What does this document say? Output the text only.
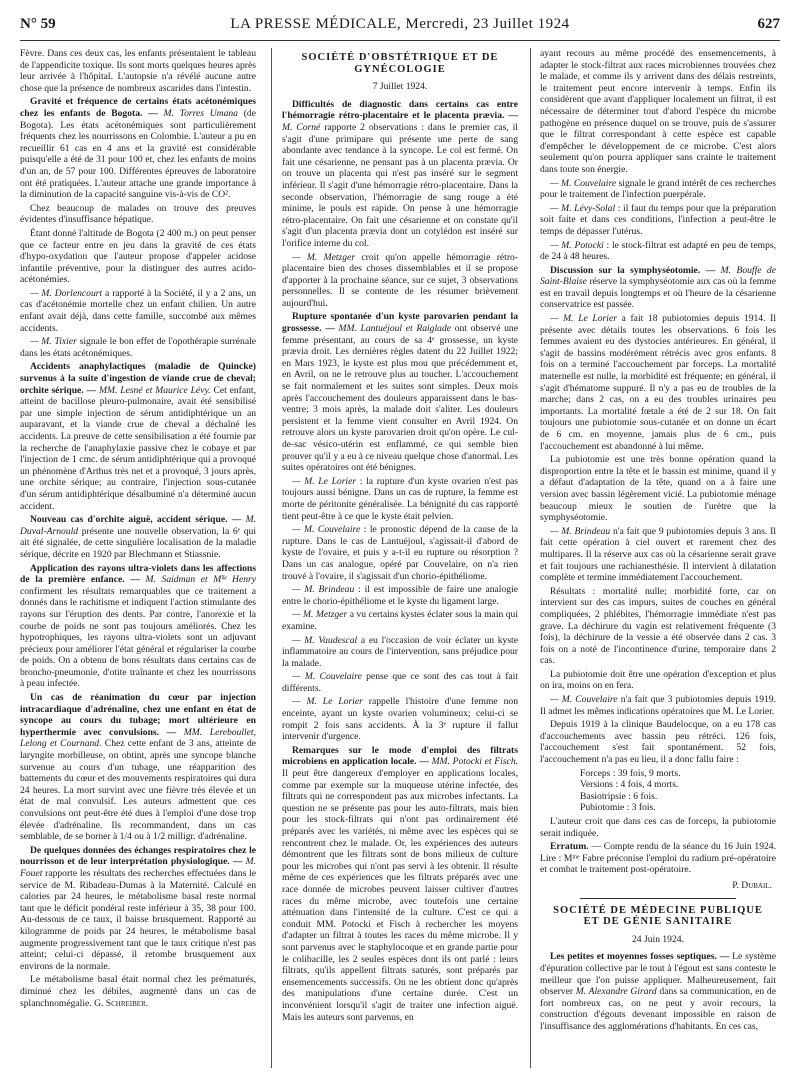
N° 59	LA PRESSE MÉDICALE, Mercredi, 23 Juillet 1924	627

Fèvre. Dans ces deux cas, les enfants présentaient le tableau de l'appendicite toxique. Ils sont morts quelques heures après leur arrivée à l'hôpital. L'autopsie n'a révélé aucune autre chose que la présence de nombreux ascarides dans l'intestin.

Gravité et fréquence de certains états acétonémiques chez les enfants de Bogota. — M. Torres Umana (de Bogota). Les états acétonémiques sont particulièrement fréquents chez les nourrissons en Colombie. L'auteur a pu en recueillir 61 cas en 4 ans et la gravité est considérable puisqu'elle a été de 31 pour 100 et, chez les enfants de moins d'un an, de 57 pour 100. Différentes épreuves de laboratoire ont été pratiquées. L'auteur attache une grande importance à la diminution de la capacité sanguine vis-à-vis de CO².

Chez beaucoup de malades on trouve des preuves évidentes d'insuffisance hépatique.

Étant donné l'altitude de Bogota (2 400 m.) on peut penser que ce facteur entre en jeu dans la gravité de ces états d'hypo-oxydation que l'auteur propose d'appeler acidose infantile préventive, pour la distinguer des autres acido-acétonémies.

— M. Dorlencourt a rapporté à la Société, il y a 2 ans, un cas d'acétonémie mortelle chez un enfant chilien. Un autre enfant avait déjà, dans cette famille, succombé aux mêmes accidents.

— M. Tixier signale le bon effet de l'opothérapie surrénale dans les états acétonémiques.

Accidents anaphylactiques (maladie de Quincke) survenus à la suite d'ingestion de viande crue de cheval; orchite sérique. — MM. Lesné et Maurice Lévy. Cet enfant, atteint de bacillose pleuro-pulmonaire, avait été sensibilisé par une simple injection de sérum antidiphtérique un an auparavant, et la viande crue de cheval a déchaîné les accidents. La preuve de cette sensibilisation a été fournie par la recherche de l'anaphylaxie passive chez le cobaye et par l'injection de 1 cmc. de sérum antidiphtérique qui a provoqué un phénomène d'Arthus très net et a provoqué, 3 jours après, une orchite sérique; au contraire, l'injection sous-cutanée d'un sérum antidiphtérique désalbuminé n'a déterminé aucun accident.

Nouveau cas d'orchite aiguë, accident sérique. — M. Duval-Arnould présente une nouvelle observation, la 6ᵉ qui ait été signalée, de cette singulière localisation de la maladie sérique, décrite en 1920 par Blechmann et Stiassnie.

Application des rayons ultra-violets dans les affections de la première enfance. — M. Saidman et Mˡˡᵉ Henry confirment les résultats remarquables que ce traitement a donnés dans le rachitisme et indiquent l'action stimulante des rayons sur l'éruption des dents. Par contre, l'anorexie et la courbe de poids ne sont pas toujours améliorés. Chez les hypotrophiques, les rayons ultra-violets sont un adjuvant précieux pour améliorer l'état général et régulariser la courbe de poids. On a obtenu de bons résultats dans certains cas de broncho-pneumonie, d'otite traînante et chez les nourrissons à peau infectée.

Un cas de réanimation du cœur par injection intracardiaque d'adrénaline, chez une enfant en état de syncope au cours du tubage; mort ultérieure en hyperthermie avec convulsions. — MM. Lereboullet, Lelong et Cournand. Chez cette enfant de 3 ans, atteinte de laryngite morbilleuse, on obtint, après une syncope blanche survenue au cours d'un tubage, une réapparition des battements du cœur et des mouvements respiratoires qui dura 24 heures. La mort survint avec une fièvre très élevée et un état de mal convulsif. Les auteurs admettent que ces convulsions ont peut-être été dues à l'emploi d'une dose trop élevée d'adrénaline. Ils recommandent, dans un cas semblable, de se borner à 1/4 ou à 1/2 milligr. d'adrénaline.

De quelques données des échanges respiratoires chez le nourrisson et de leur interprétation physiologique. — M. Fouet rapporte les résultats des recherches effectuées dans le service de M. Ribadeau-Dumas à la Maternité. Calculé en calories par 24 heures, le métabolisme basal reste normal tant que le déficit pondéral reste inférieur à 35, 38 pour 100. Au-dessous de ce taux, il baisse brusquement. Rapporté au kilogramme de poids par 24 heures, le métabolisme basal augmente progressivement tant que le taux critique n'est pas atteint; celui-ci dépassé, il retombe brusquement aux environs de la normale.

Le métabolisme basal était normal chez les prématurés, diminué chez les débiles, augmenté dans un cas de splanchnomégalie. G. Schreiber.

SOCIÉTÉ D'OBSTÉTRIQUE ET DE GYNÉCOLOGIE
7 Juillet 1924.

Difficultés de diagnostic dans certains cas entre l'hémorragie rétro-placentaire et le placenta prævia. — M. Corné rapporte 2 observations : dans le premier cas, il s'agit d'une primipare qui présente une perte de sang abondante avec tendance à la syncope. Le col est fermé. On fait une césarienne, ne pensant pas à un placenta prævia. Or on trouve un placenta qui n'est pas inséré sur le segment inférieur. Il s'agit d'une hémorragie rétro-placentaire. Dans la seconde observation, l'hémorragie de sang rouge a été minime, le pouls est rapide. On pense à une hémorragie rétro-placentaire. On fait une césarienne et on constate qu'il s'agit d'un placenta prævia dont un cotylédon est inséré sur l'orifice interne du col.

— M. Metzger croit qu'on appelle hémorragie rétro-placentaire bien des choses dissemblables et il se propose d'apporter à la prochaine séance, sur ce sujet, 3 observations personnelles. Il se contente de les résumer brièvement aujourd'hui.

Rupture spontanée d'un kyste parovarien pendant la grossesse. — MM. Lantuéjoul et Raiglade ont observé une femme présentant, au cours de sa 4ᵉ grossesse, un kyste prævia droit. Les dernières règles datent du 22 Juillet 1922; en Mars 1923, le kyste est plus mou que précédemment et, en Avril, on ne le retrouve plus au toucher. L'accouchement se fait normalement et les suites sont simples. Deux mois après l'accouchement des douleurs apparaissent dans le bas-ventre; 3 mois après, la malade doit s'aliter. Les douleurs persistent et la femme vient consulter en Avril 1924. On retrouve alors un kyste parovarien droit qu'on opère. Le cul-de-sac vésico-utérin est enflammé, ce qui semble bien prouver qu'il y a eu à ce niveau quelque chose d'anormal. Les suites opératoires ont été bénignes.

— M. Le Lorier : la rupture d'un kyste ovarien n'est pas toujours aussi bénigne. Dans un cas de rupture, la femme est morte de péritonite généralisée. La bénignité du cas rapporté tient peut-être à ce que le kyste était pelvien.

— M. Couvelaire : le pronostic dépend de la cause de la rupture. Dans le cas de Lantuéjoul, s'agissait-il d'abord de kyste de l'ovaire, et puis y a-t-il eu rupture ou résorption ? Dans un cas analogue, opéré par Couvelaire, on n'a rien trouvé à l'ovaire, il s'agissait d'un chorio-épithéliome.

— M. Brindeau : il est impossible de faire une analogie entre le chorio-épithéliome et le kyste du ligament large.

— M. Metzger a vu certains kystes éclater sous la main qui examine.

— M. Vaudescal a eu l'occasion de voir éclater un kyste inflammatoire au cours de l'intervention, sans préjudice pour la malade.

— M. Couvelaire pense que ce sont des cas tout à fait différents.

— M. Le Lorier rappelle l'histoire d'une femme non enceinte, ayant un kyste ovarien volumineux; celui-ci se rompit 2 fois sans accidents. À la 3ᵉ rupture il fallut intervenir d'urgence.

Remarques sur le mode d'emploi des filtrats microbiens en application locale. — MM. Potocki et Fisch. Il peut être dangereux d'employer en applications locales, comme par exemple sur la muqueuse utérine infectée, des filtrats qui ne correspondent pas aux microbes infectants. La question ne se présente pas pour les auto-filtrats, mais bien pour les stock-filtrats qui n'ont pas ordinairement été préparés avec les variétés, ni même avec les espèces qui se rencontrent chez le malade. Or, les expériences des auteurs démontrent que les filtrats sont de bons milieux de culture pour les microbes qui n'ont pas servi à les obtenir. Il résulte même de ces expériences que les filtrats préparés avec une race donnée de microbes peuvent laisser cultiver d'autres races du même microbe, avec toutefois une certaine atténuation dans l'intensité de la culture. C'est ce qui a conduit MM. Potocki et Fisch à rechercher les moyens d'adapter un filtrat à toutes les races du même microbe. Il y sont parvenus avec le staphylocoque et en grande partie pour le colibacille, les 2 seules espèces dont ils ont parlé : leurs filtrats, qu'ils appellent filtrats saturés, sont préparés par ensemencements successifs. On ne les obtient donc qu'après des manipulations d'une certaine durée. C'est un inconvénient lorsqu'il s'agit de traiter une infection aiguë. Mais les auteurs sont parvenus, en

ayant recours au même procédé des ensemencements, à adapter le stock-filtrat aux races microbiennes trouvées chez le malade, et comme ils y arrivent dans des délais restreints, le traitement peut encore intervenir à temps. Enfin ils considèrent que avant d'appliquer localement un filtrat, il est nécessaire de déterminer tout d'abord l'espèce du microbe pathogène en présence duquel on se trouve, puis de s'assurer que le filtrat correspondant à cette espèce est capable d'empêcher le développement de ce microbe. C'est alors seulement qu'on pourra appliquer sans crainte le traitement dans toute son énergie.

— M. Couvelaire signale le grand intérêt de ces recherches pour le traitement de l'infection puerpérale.

— M. Lévy-Solal : il faut du temps pour que la préparation soit faite et dans ces conditions, l'infection a peut-être le temps de dépasser l'utérus.

— M. Potocki : le stock-filtrat est adapté en peu de temps, de 24 à 48 heures.

Discussion sur la symphyséotomie. — M. Bouffe de Saint-Blaise réserve la symphyséotomie aux cas où la femme est en travail depuis longtemps et où l'heure de la césarienne conservatrice est passée.

— M. Le Lorier a fait 18 pubiotomies depuis 1914. Il présente avec détails toutes les observations. 6 fois les femmes avaient eu des dystocies antérieures. En général, il s'agit de bassins modérément rétrécis avec gros enfants. 8 fois on a terminé l'accouchement par forceps. La mortalité maternelle est nulle, la morbidité est fréquente; en général, il s'agit d'hématome suppuré. Il n'y a pas eu de troubles de la marche; dans 2 cas, on a eu des troubles urinaires peu importants. La mortalité fœtale a été de 2 sur 18. On fait toujours une pubiotomie sous-cutanée et on donne un écart de 6 cm. en moyenne, jamais plus de 6 cm., puis l'accouchement est abandonné à lui même.

La pubiotomie est une très bonne opération quand la disproportion entre la tête et le bassin est minime, quand il y a défaut d'adaptation de la tête, quand on a à faire une version avec bassin légèrement vicié. La pubiotomie ménage beaucoup mieux le soutien de l'urètre que la symphyséotomie.

— M. Brindeau n'a fait que 9 pubiotomies depuis 3 ans. Il fait cette opération à ciel ouvert et rarement chez des multipares. Il la réserve aux cas où la césarienne serait grave et fait toujours une rachianesthésie. Il intervient à dilatation complète et termine immédiatement l'accouchement.

Résultats : mortalité nulle; morbidité forte, car on intervient sur des cas impurs, suites de couches en général compliquées, 2 phlébites, l'hémorragie immédiate n'est pas grave. La déchirure du vagin est relativement fréquente (3 fois), la déchirure de la vessie a été observée dans 2 cas. 3 fois on a noté de l'incontinence d'urine, temporaire dans 2 cas.

La pubiotomie doit être une opération d'exception et plus on ira, moins on en fera.

— M. Couvelaire n'a fait que 3 pubiotomies depuis 1919. Il admet les mêmes indications opératoires que M. Le Lorier.

Depuis 1919 à la clinique Baudelocque, on a eu 178 cas d'accouchements avec bassin peu rétréci. 126 fois, l'accouchement s'est fait spontanément. 52 fois, l'accouchement n'a pas eu lieu, il a donc fallu faire :

Forceps : 39 fois, 9 morts.
Versions : 4 fois, 4 morts.
Basiotripsie : 6 fois.
Pubiotomie : 3 fois.

L'auteur croit que dans ces cas de forceps, la pubiotomie serait indiquée.

Erratum. — Compte rendu de la séance du 16 Juin 1924. Lire : Mᵐᵉ Fabre préconise l'emploi du radium pré-opératoire et combat le traitement post-opératoire.

P. Dubail.
SOCIÉTÉ DE MÉDECINE PUBLIQUE
ET DE GÉNIE SANITAIRE
24 Juin 1924.

Les petites et moyennes fosses septiques. — Le système d'épuration collective par le tout à l'égout est sans conteste le meilleur que l'on puisse appliquer. Malheureusement, fait observer M. Alexandre Girard dans sa communication, en de fort nombreux cas, on ne peut y avoir recours, la construction d'égouts devenant impossible en raison de l'insuffisance des agglomérations d'habitants. En ces cas,
